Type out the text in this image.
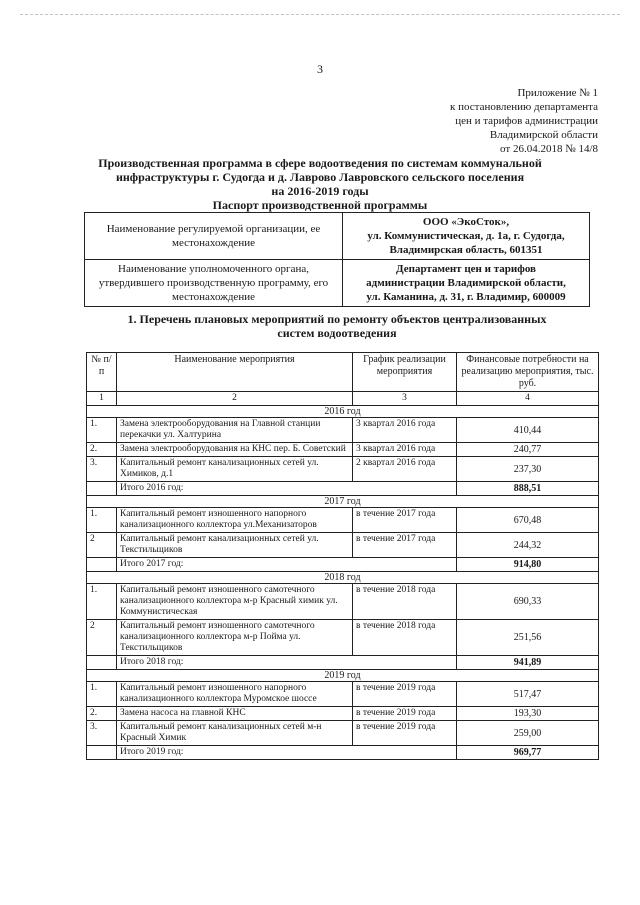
3
Приложение № 1
к постановлению департамента
цен и тарифов администрации
Владимирской области
от 26.04.2018 № 14/8
Производственная программа в сфере водоотведения по системам коммунальной
инфраструктуры г. Судогда и д. Лаврово Лавровского сельского поселения
на 2016-2019 годы
Паспорт производственной программы
Наименование регулируемой организации, ее местонахождение	ООО «ЭкоСток»,
ул. Коммунистическая, д. 1а, г. Судогда,
Владимирская область, 601351

Наименование уполномоченного органа, утвердившего производственную программу, его местонахождение	Департамент цен и тарифов
администрации Владимирской области,
ул. Каманина, д. 31, г. Владимир, 600009
1. Перечень плановых мероприятий по ремонту объектов централизованных
систем водоотведения
№ п/п	Наименование мероприятия	График реализации мероприятия	Финансовые потребности на реализацию мероприятия, тыс. руб.
1	2	3	4
2016 год			
1.	Замена электрооборудования на Главной станции перекачки ул. Халтурина	3 квартал 2016 года	410,44
2.	Замена электрооборудования на КНС пер. Б. Советский	3 квартал 2016 года	240,77
3.	Капитальный ремонт канализационных сетей ул. Химиков, д.1	2 квартал 2016 года	237,30
	Итого 2016 год:		888,51
2017 год			
1.	Капитальный ремонт изношенного напорного канализационного коллектора ул.Механизаторов	в течение 2017 года	670,48
2	Капитальный ремонт канализационных сетей ул. Текстильщиков	в течение 2017 года	244,32
	Итого 2017 год:		914,80
2018 год			
1.	Капитальный ремонт изношенного самотечного канализационного коллектора м-р Красный химик ул. Коммунистическая	в течение 2018 года	690,33
2	Капитальный ремонт изношенного самотечного канализационного коллектора м-р Пойма ул. Текстильщиков	в течение 2018 года	251,56
	Итого 2018 год:		941,89
2019 год			
1.	Капитальный ремонт изношенного напорного канализационного коллектора Муромское шоссе	в течение 2019 года	517,47
2.	Замена насоса на главной КНС	в течение 2019 года	193,30
3.	Капитальный ремонт канализационных сетей м-н Красный Химик	в течение 2019 года	259,00
	Итого 2019 год:		969,77
